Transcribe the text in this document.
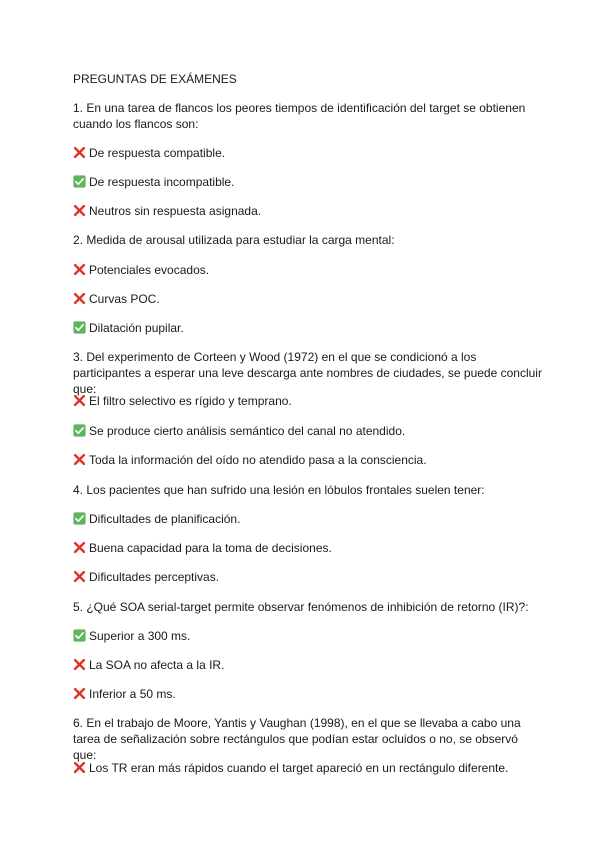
PREGUNTAS DE EXÁMENES

1. En una tarea de flancos los peores tiempos de identificación del target se obtienen cuando los flancos son:

De respuesta compatible.

De respuesta incompatible.

Neutros sin respuesta asignada.

2. Medida de arousal utilizada para estudiar la carga mental:

Potenciales evocados.

Curvas POC.

Dilatación pupilar.

3. Del experimento de Corteen y Wood (1972) en el que se condicionó a los participantes a esperar una leve descarga ante nombres de ciudades, se puede concluir que:

El filtro selectivo es rígido y temprano.

Se produce cierto análisis semántico del canal no atendido.

Toda la información del oído no atendido pasa a la consciencia.

4. Los pacientes que han sufrido una lesión en lóbulos frontales suelen tener:

Dificultades de planificación.

Buena capacidad para la toma de decisiones.

Dificultades perceptivas.

5. ¿Qué SOA serial-target permite observar fenómenos de inhibición de retorno (IR)?:

Superior a 300 ms.

La SOA no afecta a la IR.

Inferior a 50 ms.

6. En el trabajo de Moore, Yantis y Vaughan (1998), en el que se llevaba a cabo una tarea de señalización sobre rectángulos que podían estar ocluidos o no, se observó que:

Los TR eran más rápidos cuando el target apareció en un rectángulo diferente.
